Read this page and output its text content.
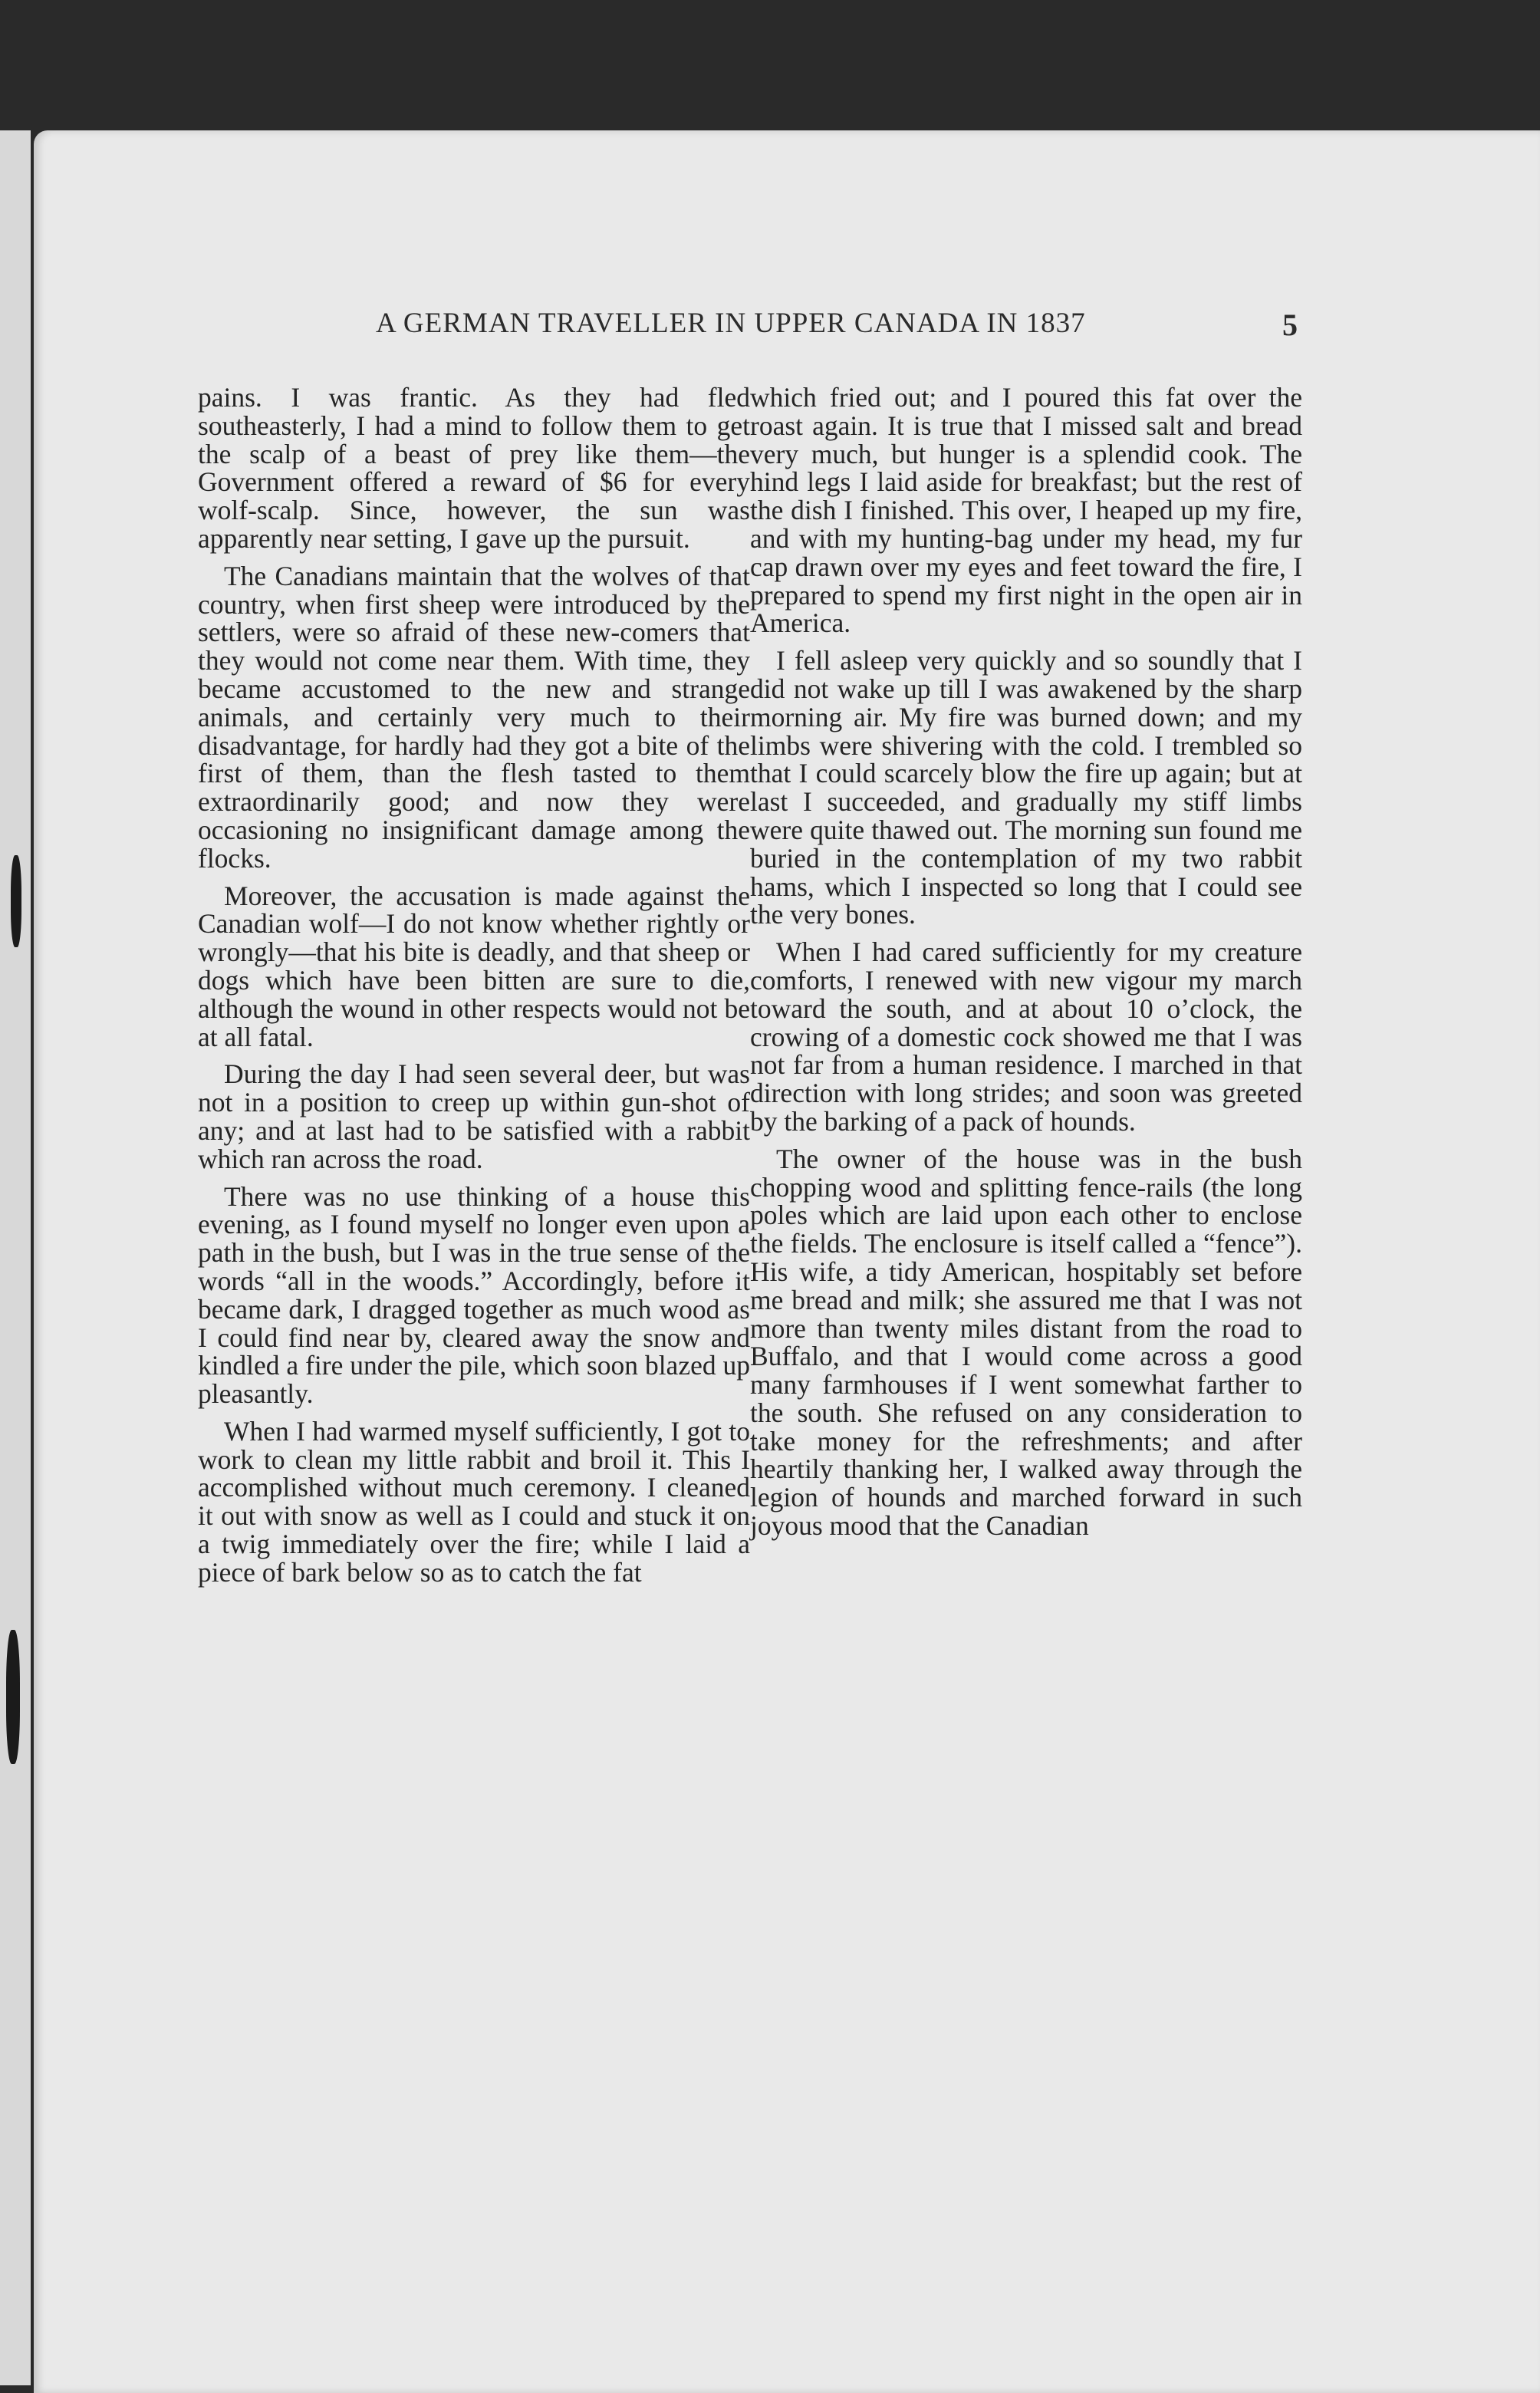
A GERMAN TRAVELLER IN UPPER CANADA IN 1837	5

pains. I was frantic. As they had fled southeasterly, I had a mind to follow them to get the scalp of a beast of prey like them—the Government offered a reward of $6 for every wolf-scalp. Since, however, the sun was apparently near setting, I gave up the pursuit.

The Canadians maintain that the wolves of that country, when first sheep were introduced by the settlers, were so afraid of these new-comers that they would not come near them. With time, they became accustomed to the new and strange animals, and certainly very much to their disadvantage, for hardly had they got a bite of the first of them, than the flesh tasted to them extraordinarily good; and now they were occasioning no insignificant damage among the flocks.

Moreover, the accusation is made against the Canadian wolf—I do not know whether rightly or wrongly—that his bite is deadly, and that sheep or dogs which have been bitten are sure to die, although the wound in other respects would not be at all fatal.

During the day I had seen several deer, but was not in a position to creep up within gun-shot of any; and at last had to be satisfied with a rabbit which ran across the road.

There was no use thinking of a house this evening, as I found myself no longer even upon a path in the bush, but I was in the true sense of the words “all in the woods.” Accordingly, before it became dark, I dragged together as much wood as I could find near by, cleared away the snow and kindled a fire under the pile, which soon blazed up pleasantly.

When I had warmed myself sufficiently, I got to work to clean my little rabbit and broil it. This I accomplished without much ceremony. I cleaned it out with snow as well as I could and stuck it on a twig immediately over the fire; while I laid a piece of bark below so as to catch the fat

which fried out; and I poured this fat over the roast again. It is true that I missed salt and bread very much, but hunger is a splendid cook. The hind legs I laid aside for breakfast; but the rest of the dish I finished. This over, I heaped up my fire, and with my hunting-bag under my head, my fur cap drawn over my eyes and feet toward the fire, I prepared to spend my first night in the open air in America.

I fell asleep very quickly and so soundly that I did not wake up till I was awakened by the sharp morning air. My fire was burned down; and my limbs were shivering with the cold. I trembled so that I could scarcely blow the fire up again; but at last I succeeded, and gradually my stiff limbs were quite thawed out. The morning sun found me buried in the contemplation of my two rabbit hams, which I inspected so long that I could see the very bones.

When I had cared sufficiently for my creature comforts, I renewed with new vigour my march toward the south, and at about 10 o’clock, the crowing of a domestic cock showed me that I was not far from a human residence. I marched in that direction with long strides; and soon was greeted by the barking of a pack of hounds.

The owner of the house was in the bush chopping wood and splitting fence-rails (the long poles which are laid upon each other to enclose the fields. The enclosure is itself called a “fence”). His wife, a tidy American, hospitably set before me bread and milk; she assured me that I was not more than twenty miles distant from the road to Buffalo, and that I would come across a good many farmhouses if I went somewhat farther to the south. She refused on any consideration to take money for the refreshments; and after heartily thanking her, I walked away through the legion of hounds and marched forward in such joyous mood that the Canadian
